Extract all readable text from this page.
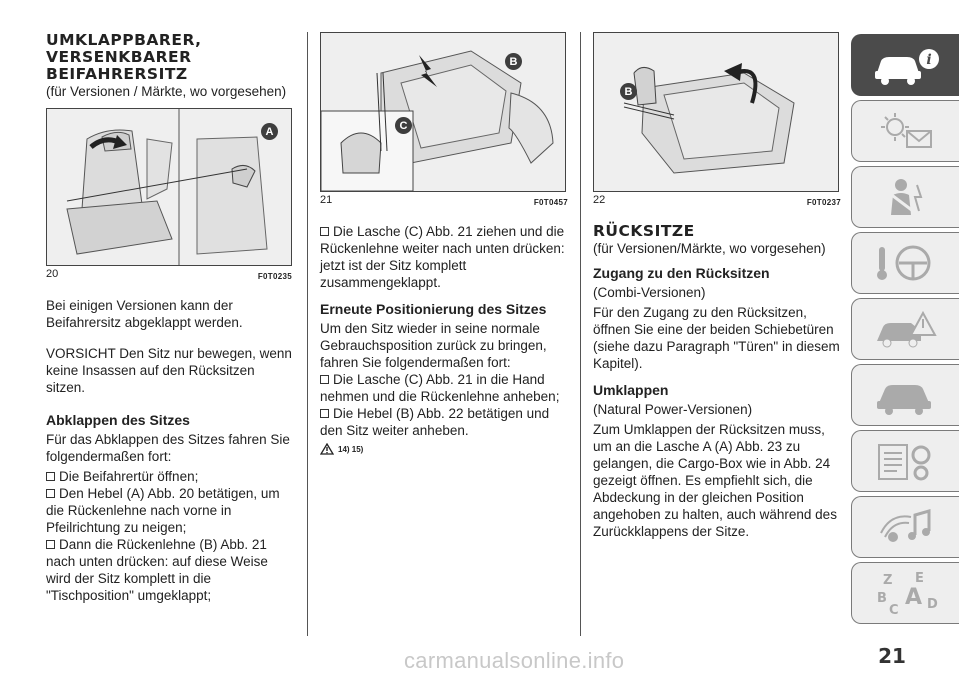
UMKLAPPBARER,
VERSENKBARER
BEIFAHRERSITZ

(für Versionen / Märkte, wo vorgesehen)

A
20	F0T0235

Bei einigen Versionen kann der Beifahrersitz abgeklappt werden.

VORSICHT Den Sitz nur bewegen, wenn keine Insassen auf den Rücksitzen sitzen.

Abklappen des Sitzes

Für das Abklappen des Sitzes fahren Sie folgendermaßen fort:

Die Beifahrertür öffnen;

Den Hebel (A) Abb. 20 betätigen, um die Rückenlehne nach vorne in Pfeilrichtung zu neigen;

Dann die Rückenlehne (B) Abb. 21 nach unten drücken: auf diese Weise wird der Sitz komplett in die "Tischposition" umgeklappt;

B
C
21	F0T0457

Die Lasche (C) Abb. 21 ziehen und die Rückenlehne weiter nach unten drücken: jetzt ist der Sitz komplett zusammengeklappt.

Erneute Positionierung des Sitzes

Um den Sitz wieder in seine normale Gebrauchsposition zurück zu bringen, fahren Sie folgendermaßen fort:

Die Lasche (C) Abb. 21 in die Hand nehmen und die Rückenlehne anheben;

Die Hebel (B) Abb. 22 betätigen und den Sitz weiter anheben.

14) 15)
B
22	F0T0237
RÜCKSITZE

(für Versionen/Märkte, wo vorgesehen)

Zugang zu den Rücksitzen

(Combi-Versionen)

Für den Zugang zu den Rücksitzen, öffnen Sie eine der beiden Schiebetüren (siehe dazu Paragraph "Türen" in diesem Kapitel).

Umklappen

(Natural Power-Versionen)

Zum Umklappen der Rücksitzen muss, um an die Lasche A (A) Abb. 23 zu gelangen, die Cargo-Box wie in Abb. 24 gezeigt öffnen. Es empfiehlt sich, die Abdeckung in der gleichen Position angehoben zu halten, auch während des Zurückklappens der Sitze.

i
Z E
B A
C D
carmanualsonline.info	21
